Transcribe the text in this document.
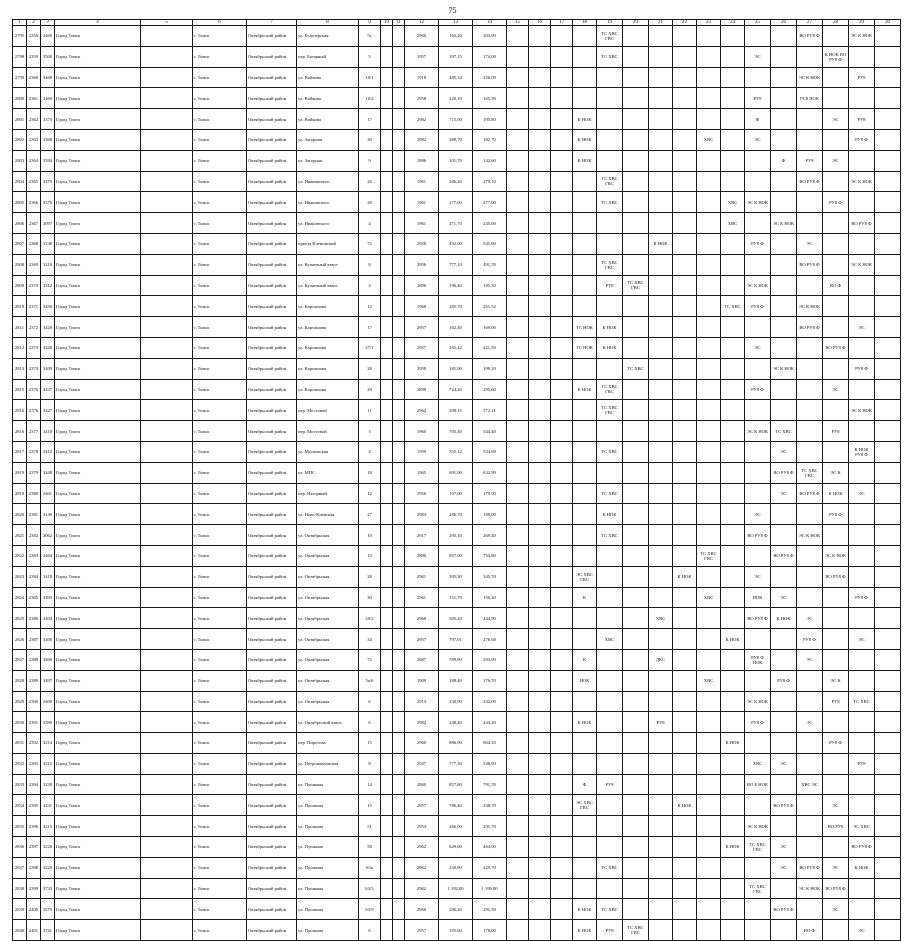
75
1	2	3	4	5	6	7	8	9	10	11	12	13	14	15	16	17	18	19	20	21	22	23	24	25	26	27	28	29	30
2795	2356	3469	Город Томск		г. Томск	Октябрьский район	ул. Белозерская	5г			2960	163,20	203,90					ТС ХВС ГВС								ВО РУ8 Ф		ЭС К НОК	
2798	2359	3500	Город Томск		г. Томск	Октябрьский район	пер. Базарный	5			1957	197,15	174,00					ТС ХВС						ЭС			К НОК ВО РУ8 Ф		
2799	2360	3468	Город Томск		г. Томск	Октябрьский район	ул. Войкова	10/1			1918	485,34	256,09													ЭС К НОК		РУ8	
2800	2361	3469	Город Томск		г. Томск	Октябрьский район	ул. Войкова	10/2			2958	220,10	165,59											РУ8		РС8 НОК			
2801	2362	3373	Город Томск		г. Томск	Октябрьский район	ул. Войкова	17			2982	715,00	195,80				К НОК							Ф			ЭС	РУ8	
2802	2363	3368	Город Томск		г. Томск	Октябрьский район	ул. Загорная	30			2982	289,70	182,70				К НОК					ХВС		ЭС				РУ8 Ф	
2803	2364	3584	Город Томск		г. Томск	Октябрьский район	ул. Загорная	9			1886	101,70	142,60				К НОК								Ф	РУ8	ЭС		
2804	2365	3375	Город Томск		г. Томск	Октябрьский район	ул. Ивановского	26			1961	286,20	279,10					ТС ХВС ГВС								ВО РУ8 Ф		ЭС К НОК	
2805	2366	3376	Город Томск		г. Томск	Октябрьский район	ул. Ивановского	28			1961	277,00	277,00					ТС ХВС					ХВС	ЭС К НОК			РУ8 Ф		
2806	2367	3097	Город Томск		г. Томск	Октябрьский район	ул. Ивановского	4			1961	271,70	245,00										ХВС		ЭС К НОК			ВО РУ8 Ф	
2807	2368	3138	Город Томск		г. Томск	Октябрьский район	проезд Кленовский	72			2958	492,00	541,60							К НОК				РУ8 Ф		ЭС			
2808	2369	3210	Город Томск		г. Томск	Октябрьский район	ул. Кузнечный взвоз	8			2956	777,10	491,70					ТС ХВС ГВС								ВО РУ8 Ф		ЭС К НОК	
2809	2370	3312	Город Томск		г. Томск	Октябрьский район	ул. Кузнечный взвоз	3			2896	196,40	185,30					РУ8	ТС ХВС ГВС					ЭС К НОК			ВО Ф		
2810	2371	3450	Город Томск		г. Томск	Октябрьский район	ул. Карташова	12			1960	285,70	261,52										ТС ХВС	РУ8 Ф		ЭС К НОК			
2811	2372	3420	Город Томск		г. Томск	Октябрьский район	ул. Карташова	17			2957	182,40	169,00				ТС НОК	К НОК								ВО РУ8 Ф		ЭС	
2812	2373	3426	Город Томск		г. Томск	Октябрьский район	ул. Карташова	27/1			2957	265,42	221,50				ТС НОК	К НОК						ЭС			ВО РУ8 Ф		
2813	2374	3409	Город Томск		г. Томск	Октябрьский район	ул. Карташова	28			2958	181,00	199,10						ТС ХВС						ЭС К НОК			РУ8 Ф	
2815	2376	3437	Город Томск		г. Томск	Октябрьский район	ул. Карташова	29			2899	724,20	295,60				К НОК	ТС ХВС ГВС						РУ8 Ф			ЭС		
2816	2376	3427	Город Томск		г. Томск	Октябрьский район	пер. Мостовой	11			2962	299,15	572,21					ТС ХВС ГВС										ЭС К НОК	
2816	2377	3410	Город Томск		г. Томск	Октябрьский район	пер. Мостовой	3			1960	705,40	544,40											ЭС К НОК	ТС ХВС		РУ8		
2817	2378	3412	Город Томск		г. Томск	Октябрьский район	ул. Московская	4			1959	555,12	534,69					ТС ХВС							ЭС			К НОК РУ8 Ф	
2819	2379	3448	Город Томск		г. Томск	Октябрьский район	ул. МПС	18			1965	691,00	632,99												ВО РУ8 Ф	ТС ХВС ГВС	ЭС К		
2819	2380	3401	Город Томск		г. Томск	Октябрьский район	пер. Нагорный	12			1956	197,00	179,90					ТС ХВС							ЭС	ВО РУ8 Ф	К НОК	ЭС	
2820	2381	3149	Город Томск		г. Томск	Октябрьский район	ул. Ново-Киевская	27			2983	286,70	189,00					К НОК						ЭС			РУ8 Ф		
2821	2382	3062	Город Томск		г. Томск	Октябрьский район	ул. Октябрьская	10			2917	295,10	269,40					ТС ХВС						ВО РУ8 Ф		ЭС К НОК			
2822	2383	3464	Город Томск		г. Томск	Октябрьский район	ул. Октябрьская	13			2890	857,00	754,80									ТС ХВС ГВС			ВО РУ8 Ф		ЭС К НОК		
2823	2384	3418	Город Томск		г. Томск	Октябрьский район	ул. Октябрьская	28			2961	395,30	345,70				ЭС ХВС ГВС				К НОК			ЭС			ВО РУ8 Ф		
2824	2385	3393	Город Томск		г. Томск	Октябрьский район	ул. Октябрьская	30			2961	151,70	150,20				К					ХВС		НОК	ЭС			РУ8 Ф	
2825	2386	3404	Город Томск		г. Томск	Октябрьский район	ул. Октябрьская	29/2			2960	505,20	444,90							ХВС				ВО РУ8 Ф	К НОК	ЭС			
2826	2387	3400	Город Томск		г. Томск	Октябрьский район	ул. Октябрьская	34			2957	797,01	276,68					ХВС					К НОК			РУ8 Ф		ЭС	
2827	2388	3490	Город Томск		г. Томск	Октябрьский район	ул. Октябрьская	72			2687	789,90	293,90				К			ДКС				РУ8 Ф НОК		ЭС			
2828	2389	3497	Город Томск		г. Томск	Октябрьский район	ул. Октябрьская	5а/6			1909	188,40	176,70				НОК					ХВС			РУ8 Ф		ЭС К		
2829	2390	3400	Город Томск		г. Томск	Октябрьский район	ул. Октябрьская	6			2913	250,90	232,00											ЭС К НОК			РУ8	ТС ХВС	
2830	2391	3399	Город Томск		г. Томск	Октябрьский район	ул. Октябрьский взвоз	6			2982	248,40	243,20				К НОК			РУ8				РУ8 Ф		ЭС			
2831	2392	3214	Город Томск		г. Томск	Октябрьский район	пер. Пирогова	15			2960	886,90	804,10										К НОК				РУ8 Ф		
2832	2393	3215	Город Томск		г. Томск	Октябрьский район	ул. Петропавловская	8			2947	777,30	346,90											ХВС	ЭС			РУ8	
2833	2394	3230	Город Томск		г. Томск	Октябрьский район	ул. Пушкина	14			2860	857,80	791,70				Ф	РУ8						ВО Б НОК		ХВС ЭС			
2834	2395	3231	Город Томск		г. Томск	Октябрьский район	ул. Пушкина	15			2957	786,40	238,70				ЭС ХВС ГВС				К НОК				ВО РУ8 Ф		ЭС		
2835	2396	3215	Город Томск		г. Томск	Октябрьский район	ул. Пушкина	51			2953	266,90	291,70											ЭС К НОК			ВО РУ8	ЭС ХВС	
2836	2397	3226	Город Томск		г. Томск	Октябрьский район	ул. Пушкина	58			2962	629,60	464,00										К НОК	ТС ХВС ГВС	ЭС			ВО РУ8 Ф	
2837	2398	3229	Город Томск		г. Томск	Октябрьский район	ул. Пушкина	63а			2962	238,90	229,70					ТС ХВС							ЭС	ВО РУ8 Ф	ЭС	К НОК	
2838	2399	3733	Город Томск		г. Томск	Октябрьский район	ул. Пушкина	63/3			2962	1 192,00	1 199,00											ТС ХВС ГВС		ЭС К НОК	ВО РУ8 Ф		
2839	2400	3575	Город Томск		г. Томск	Октябрьский район	ул. Пушкина	63/9			2960	296,20	291,50				К НОК	ТС ХВС							ВО РУ8 Ф		ЭС		
2840	2401	3741	Город Томск		г. Томск	Октябрьский район	ул. Пушкина	6			2957	195,60	178,00				К НОК	РУ8	ТС ХВС ГВС							ВО Ф		ЭС	
